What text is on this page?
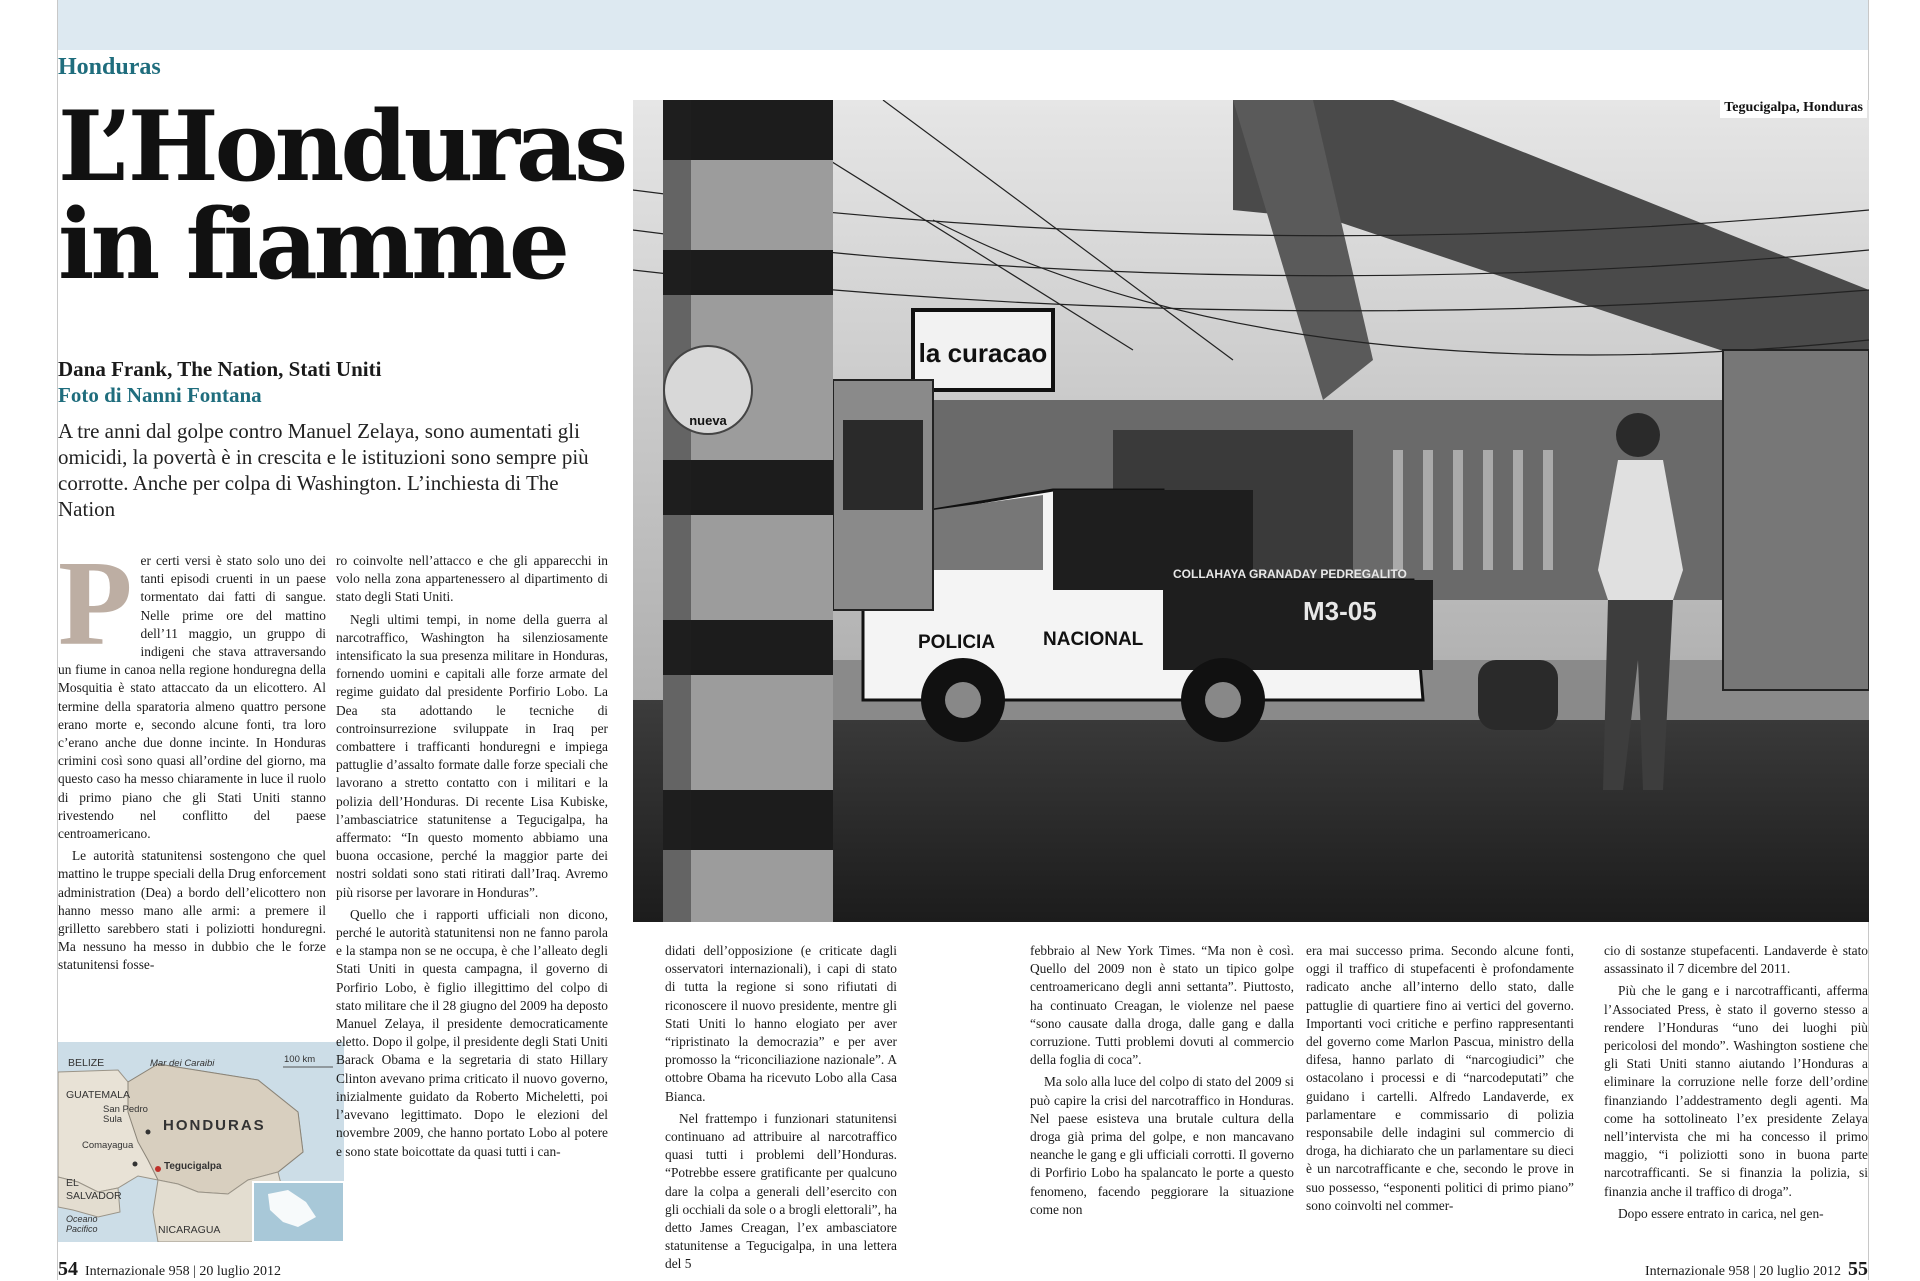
Honduras
L’Honduras in fiamme
Dana Frank, The Nation, Stati Uniti
Foto di Nanni Fontana
A tre anni dal golpe contro Manuel Zelaya, sono aumentati gli omicidi, la povertà è in crescita e le istituzioni sono sempre più corrotte. Anche per colpa di Washington. L’inchiesta di The Nation

Per certi versi è stato solo uno dei tanti episodi cruenti in un paese tormentato dai fatti di sangue. Nelle prime ore del mattino dell’11 maggio, un gruppo di indigeni che stava attraversando un fiume in canoa nella regione honduregna della Mosquitia è stato attaccato da un elicottero. Al termine della sparatoria almeno quattro persone erano morte e, secondo alcune fonti, tra loro c’erano anche due donne incinte. In Honduras crimini così sono quasi all’ordine del giorno, ma questo caso ha messo chiaramente in luce il ruolo di primo piano che gli Stati Uniti stanno rivestendo nel conflitto del paese centroamericano.

Le autorità statunitensi sostengono che quel mattino le truppe speciali della Drug enforcement administration (Dea) a bordo dell’elicottero non hanno messo mano alle armi: a premere il grilletto sarebbero stati i poliziotti honduregni. Ma nessuno ha messo in dubbio che le forze statunitensi fosse-

BELIZE	Mar dei Caraibi	100 km
GUATEMALA
San Pedro Sula	HONDURAS
Comayagua
Tegucigalpa
EL SALVADOR
Oceano Pacifico	NICARAGUA

ro coinvolte nell’attacco e che gli apparecchi in volo nella zona appartenessero al dipartimento di stato degli Stati Uniti.

Negli ultimi tempi, in nome della guerra al narcotraffico, Washington ha silenziosamente intensificato la sua presenza militare in Honduras, fornendo uomini e capitali alle forze armate del regime guidato dal presidente Porfirio Lobo. La Dea sta adottando le tecniche di controinsurrezione sviluppate in Iraq per combattere i trafficanti honduregni e impiega pattuglie d’assalto formate dalle forze speciali che lavorano a stretto contatto con i militari e la polizia dell’Honduras. Di recente Lisa Kubiske, l’ambasciatrice statunitense a Tegucigalpa, ha affermato: “In questo momento abbiamo una buona occasione, perché la maggior parte dei nostri soldati sono stati ritirati dall’Iraq. Avremo più risorse per lavorare in Honduras”.

Quello che i rapporti ufficiali non dicono, perché le autorità statunitensi non ne fanno parola e la stampa non se ne occupa, è che l’alleato degli Stati Uniti in questa campagna, il governo di Porfirio Lobo, è figlio illegittimo del colpo di stato militare che il 28 giugno del 2009 ha deposto Manuel Zelaya, il presidente democraticamente eletto. Dopo il golpe, il presidente degli Stati Uniti Barack Obama e la segretaria di stato Hillary Clinton avevano prima criticato il nuovo governo, inizialmente guidato da Roberto Micheletti, poi l’avevano legittimato. Dopo le elezioni del novembre 2009, che hanno portato Lobo al potere e sono state boicottate da quasi tutti i can-

la curacao
POLICIA	NACIONAL
COLLAHAYA GRANADAY PEDREGALITO
M3-05
nueva
Tegucigalpa, Honduras

didati dell’opposizione (e criticate dagli osservatori internazionali), i capi di stato di tutta la regione si sono rifiutati di riconoscere il nuovo presidente, mentre gli Stati Uniti lo hanno elogiato per aver “ripristinato la democrazia” e per aver promosso la “riconciliazione nazionale”. A ottobre Obama ha ricevuto Lobo alla Casa Bianca.

Nel frattempo i funzionari statunitensi continuano ad attribuire al narcotraffico quasi tutti i problemi dell’Honduras. “Potrebbe essere gratificante per qualcuno dare la colpa a generali dell’esercito con gli occhiali da sole o a brogli elettorali”, ha detto James Creagan, l’ex ambasciatore statunitense a Tegucigalpa, in una lettera del 5

febbraio al New York Times. “Ma non è così. Quello del 2009 non è stato un tipico golpe centroamericano degli anni settanta”. Piuttosto, ha continuato Creagan, le violenze nel paese “sono causate dalla droga, dalle gang e dalla corruzione. Tutti problemi dovuti al commercio della foglia di coca”.

Ma solo alla luce del colpo di stato del 2009 si può capire la crisi del narcotraffico in Honduras. Nel paese esisteva una brutale cultura della droga già prima del golpe, e non mancavano neanche le gang e gli ufficiali corrotti. Il governo di Porfirio Lobo ha spalancato le porte a questo fenomeno, facendo peggiorare la situazione come non

era mai successo prima. Secondo alcune fonti, oggi il traffico di stupefacenti è profondamente radicato anche all’interno dello stato, dalle pattuglie di quartiere fino ai vertici del governo. Importanti voci critiche e perfino rappresentanti del governo come Marlon Pascua, ministro della difesa, hanno parlato di “narcogiudici” che ostacolano i processi e di “narcodeputati” che guidano i cartelli. Alfredo Landaverde, ex parlamentare e commissario di polizia responsabile delle indagini sul commercio di droga, ha dichiarato che un parlamentare su dieci è un narcotrafficante e che, secondo le prove in suo possesso, “esponenti politici di primo piano” sono coinvolti nel commer-

cio di sostanze stupefacenti. Landaverde è stato assassinato il 7 dicembre del 2011.

Più che le gang e i narcotrafficanti, afferma l’Associated Press, è stato il governo stesso a rendere l’Honduras “uno dei luoghi più pericolosi del mondo”. Washington sostiene che gli Stati Uniti stanno aiutando l’Honduras a eliminare la corruzione nelle forze dell’ordine finanziando l’addestramento degli agenti. Ma come ha sottolineato l’ex presidente Zelaya nell’intervista che mi ha concesso il primo maggio, “i poliziotti sono in buona parte narcotrafficanti. Se si finanzia la polizia, si finanzia anche il traffico di droga”.

Dopo essere entrato in carica, nel gen-

54 Internazionale 958 | 20 luglio 2012	Internazionale 958 | 20 luglio 2012 55
